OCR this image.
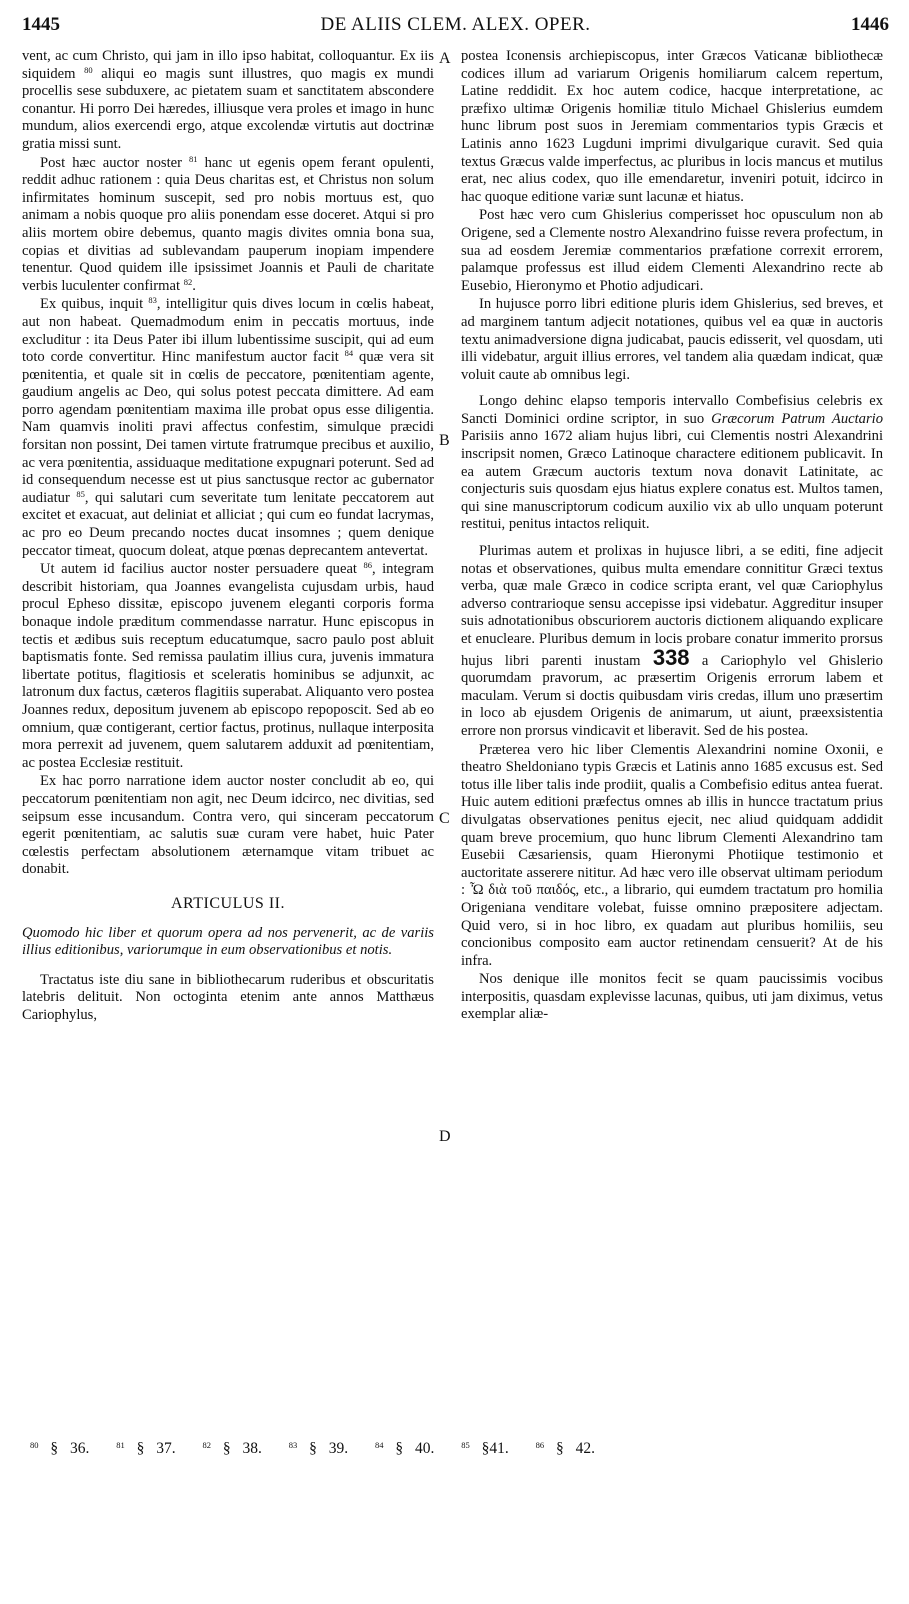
1445	DE ALIIS CLEM. ALEX. OPER.	1446
A
B
C
D

vent, ac cum Christo, qui jam in illo ipso habitat, colloquantur. Ex iis siquidem $^{80}$ aliqui eo magis sunt illustres, quo magis ex mundi procellis sese subduxere, ac pietatem suam et sanctitatem abscondere conantur. Hi porro Dei hæredes, illiusque vera proles et imago in hunc mundum, alios exercendi ergo, atque excolendæ virtutis aut doctrinæ gratia missi sunt.

Post hæc auctor noster $^{81}$ hanc ut egenis opem ferant opulenti, reddit adhuc rationem : quia Deus charitas est, et Christus non solum infirmitates hominum suscepit, sed pro nobis mortuus est, quo animam a nobis quoque pro aliis ponendam esse doceret. Atqui si pro aliis mortem obire debemus, quanto magis divites omnia bona sua, copias et divitias ad sublevandam pauperum inopiam impendere tenentur. Quod quidem ille ipsissimet Joannis et Pauli de charitate verbis luculenter confirmat $^{82}$.

Ex quibus, inquit $^{83}$, intelligitur quis dives locum in cœlis habeat, aut non habeat. Quemadmodum enim in peccatis mortuus, inde excluditur : ita Deus Pater ibi illum lubentissime suscipit, qui ad eum toto corde convertitur. Hinc manifestum auctor facit $^{84}$ quæ vera sit pœnitentia, et quale sit in cœlis de peccatore, pœnitentiam agente, gaudium angelis ac Deo, qui solus potest peccata dimittere. Ad eam porro agendam pœnitentiam maxima ille probat opus esse diligentia. Nam quamvis inoliti pravi affectus confestim, simulque præcidi forsitan non possint, Dei tamen virtute fratrumque precibus et auxilio, ac vera pœnitentia, assiduaque meditatione expugnari poterunt. Sed ad id consequendum necesse est ut pius sanctusque rector ac gubernator audiatur $^{85}$, qui salutari cum severitate tum lenitate peccatorem aut excitet et exacuat, aut deliniat et alliciat ; qui cum eo fundat lacrymas, ac pro eo Deum precando noctes ducat insomnes ; quem denique peccator timeat, quocum doleat, atque pœnas deprecantem antevertat.

Ut autem id facilius auctor noster persuadere queat $^{86}$, integram describit historiam, qua Joannes evangelista cujusdam urbis, haud procul Epheso dissitæ, episcopo juvenem eleganti corporis forma bonaque indole præditum commendasse narratur. Hunc episcopus in tectis et ædibus suis receptum educatumque, sacro paulo post abluit baptismatis fonte. Sed remissa paulatim illius cura, juvenis immatura libertate potitus, flagitiosis et sceleratis hominibus se adjunxit, ac latronum dux factus, cæteros flagitiis superabat. Aliquanto vero postea Joannes redux, depositum juvenem ab episcopo repoposcit. Sed ab eo omnium, quæ contigerant, certior factus, protinus, nullaque interposita mora perrexit ad juvenem, quem salutarem adduxit ad pœnitentiam, ac postea Ecclesiæ restituit.

Ex hac porro narratione idem auctor noster concludit ab eo, qui peccatorum pœnitentiam non agit, nec Deum idcirco, nec divitias, sed seipsum esse incusandum. Contra vero, qui sinceram peccatorum egerit pœnitentiam, ac salutis suæ curam vere habet, huic Pater cœlestis perfectam absolutionem æternamque vitam tribuet ac donabit.

ARTICULUS II.

Quomodo hic liber et quorum opera ad nos pervenerit, ac de variis illius editionibus, variorumque in eum observationibus et notis.

Tractatus iste diu sane in bibliothecarum ruderibus et obscuritatis latebris delituit. Non octoginta etenim ante annos Matthæus Cariophylus,

postea Iconensis archiepiscopus, inter Græcos Vaticanæ bibliothecæ codices illum ad variarum Origenis homiliarum calcem repertum, Latine reddidit. Ex hoc autem codice, hacque interpretatione, ac præfixo ultimæ Origenis homiliæ titulo Michael Ghislerius eumdem hunc librum post suos in Jeremiam commentarios typis Græcis et Latinis anno 1623 Lugduni imprimi divulgarique curavit. Sed quia textus Græcus valde imperfectus, ac pluribus in locis mancus et mutilus erat, nec alius codex, quo ille emendaretur, inveniri potuit, idcirco in hac quoque editione variæ sunt lacunæ et hiatus.

Post hæc vero cum Ghislerius comperisset hoc opusculum non ab Origene, sed a Clemente nostro Alexandrino fuisse revera profectum, in sua ad eosdem Jeremiæ commentarios præfatione correxit errorem, palamque professus est illud eidem Clementi Alexandrino recte ab Eusebio, Hieronymo et Photio adjudicari.

In hujusce porro libri editione pluris idem Ghislerius, sed breves, et ad marginem tantum adjecit notationes, quibus vel ea quæ in auctoris textu animadversione digna judicabat, paucis edisserit, vel quosdam, uti illi videbatur, arguit illius errores, vel tandem alia quædam indicat, quæ voluit caute ab omnibus legi.

Longo dehinc elapso temporis intervallo Combefisius celebris ex Sancti Dominici ordine scriptor, in suo Græcorum Patrum Auctario Parisiis anno 1672 aliam hujus libri, cui Clementis nostri Alexandrini inscripsit nomen, Græco Latinoque charactere editionem publicavit. In ea autem Græcum auctoris textum nova donavit Latinitate, ac conjecturis suis quosdam ejus hiatus explere conatus est. Multos tamen, qui sine manuscriptorum codicum auxilio vix ab ullo unquam poterunt restitui, penitus intactos reliquit.

Plurimas autem et prolixas in hujusce libri, a se editi, fine adjecit notas et observationes, quibus multa emendare connititur Græci textus verba, quæ male Græco in codice scripta erant, vel quæ Cariophylus adverso contrarioque sensu accepisse ipsi videbatur. Aggreditur insuper suis adnotationibus obscuriorem auctoris dictionem aliquando explicare et enucleare. Pluribus demum in locis probare conatur immerito prorsus hujus libri parenti inustam 338 a Cariophylo vel Ghislerio quorumdam pravorum, ac præsertim Origenis errorum labem et maculam. Verum si doctis quibusdam viris credas, illum uno præsertim in loco ab ejusdem Origenis de animarum, ut aiunt, præexsistentia errore non prorsus vindicavit et liberavit. Sed de his postea.

Præterea vero hic liber Clementis Alexandrini nomine Oxonii, e theatro Sheldoniano typis Græcis et Latinis anno 1685 excusus est. Sed totus ille liber talis inde prodiit, qualis a Combefisio editus antea fuerat. Huic autem editioni præfectus omnes ab illis in huncce tractatum prius divulgatas observationes penitus ejecit, nec aliud quidquam addidit quam breve procemium, quo hunc librum Clementi Alexandrino tam Eusebii Cæsariensis, quam Hieronymi Photiique testimonio et auctoritate asserere nititur. Ad hæc vero ille observat ultimam periodum : Ὦ διὰ τοῦ παιδός, etc., a librario, qui eumdem tractatum pro homilia Origeniana venditare volebat, fuisse omnino præpositere adjectam. Quid vero, si in hoc libro, ex quadam aut pluribus homiliis, seu concionibus composito eam auctor retinendam censuerit? At de his infra.

Nos denique ille monitos fecit se quam paucissimis vocibus interpositis, quasdam explevisse lacunas, quibus, uti jam diximus, vetus exemplar aliæ-

$^{80}$ § 36.	$^{81}$ § 37.	$^{82}$ § 38.	$^{83}$ § 39.	$^{84}$ § 40.	$^{85}$ §41.	$^{86}$ § 42.
